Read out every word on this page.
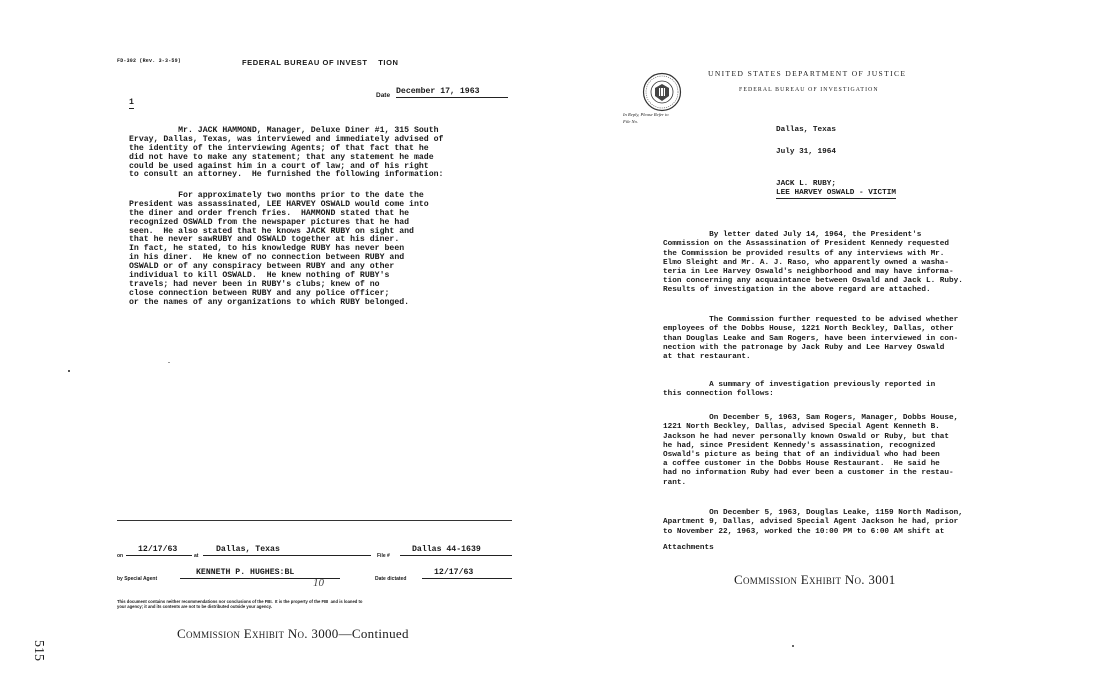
FD-302 (Rev. 3-3-59)	FEDERAL BUREAU OF INVEST    TION
Date December 17, 1963
1

Mr. JACK HAMMOND, Manager, Deluxe Diner #1, 315 South
Ervay, Dallas, Texas, was interviewed and immediately advised of
the identity of the interviewing Agents; of that fact that he
did not have to make any statement; that any statement he made
could be used against him in a court of law; and of his right
to consult an attorney.  He furnished the following information:

For approximately two months prior to the date the
President was assassinated, LEE HARVEY OSWALD would come into
the diner and order french fries.  HAMMOND stated that he
recognized OSWALD from the newspaper pictures that he had
seen.  He also stated that he knows JACK RUBY on sight and
that he never sawRUBY and OSWALD together at his diner.
In fact, he stated, to his knowledge RUBY has never been
in his diner.  He knew of no connection between RUBY and
OSWALD or of any conspiracy between RUBY and any other
individual to kill OSWALD.  He knew nothing of RUBY's
travels; had never been in RUBY's clubs; knew of no
close connection between RUBY and any police officer;
or the names of any organizations to which RUBY belonged.

on
12/17/63
at
Dallas, Texas
File #
Dallas 44-1639
by Special Agent
KENNETH P. HUGHES:BL
10	Date dictated
12/17/63

This document contains neither recommendations nor conclusions of the FBI.  It is the property of the FBI  and is loaned to
your agency; it and its contents are not to be distributed outside your agency.

Commission Exhibit No. 3000—Continued
515

UNITED STATES DEPARTMENT OF JUSTICE
FEDERAL BUREAU OF INVESTIGATION

In Reply, Please Refer to
File No.

Dallas, Texas
July 31, 1964
JACK L. RUBY;
LEE HARVEY OSWALD - VICTIM

By letter dated July 14, 1964, the President's
Commission on the Assassination of President Kennedy requested
the Commission be provided results of any interviews with Mr.
Elmo Sleight and Mr. A. J. Raso, who apparently owned a washa-
teria in Lee Harvey Oswald's neighborhood and may have informa-
tion concerning any acquaintance between Oswald and Jack L. Ruby.
Results of investigation in the above regard are attached.

The Commission further requested to be advised whether
employees of the Dobbs House, 1221 North Beckley, Dallas, other
than Douglas Leake and Sam Rogers, have been interviewed in con-
nection with the patronage by Jack Ruby and Lee Harvey Oswald
at that restaurant.

A summary of investigation previously reported in
this connection follows:

On December 5, 1963, Sam Rogers, Manager, Dobbs House,
1221 North Beckley, Dallas, advised Special Agent Kenneth B.
Jackson he had never personally known Oswald or Ruby, but that
he had, since President Kennedy's assassination, recognized
Oswald's picture as being that of an individual who had been
a coffee customer in the Dobbs House Restaurant.  He said he
had no information Ruby had ever been a customer in the restau-
rant.

On December 5, 1963, Douglas Leake, 1159 North Madison,
Apartment 9, Dallas, advised Special Agent Jackson he had, prior
to November 22, 1963, worked the 10:00 PM to 6:00 AM shift at

Attachments
Commission Exhibit No. 3001
